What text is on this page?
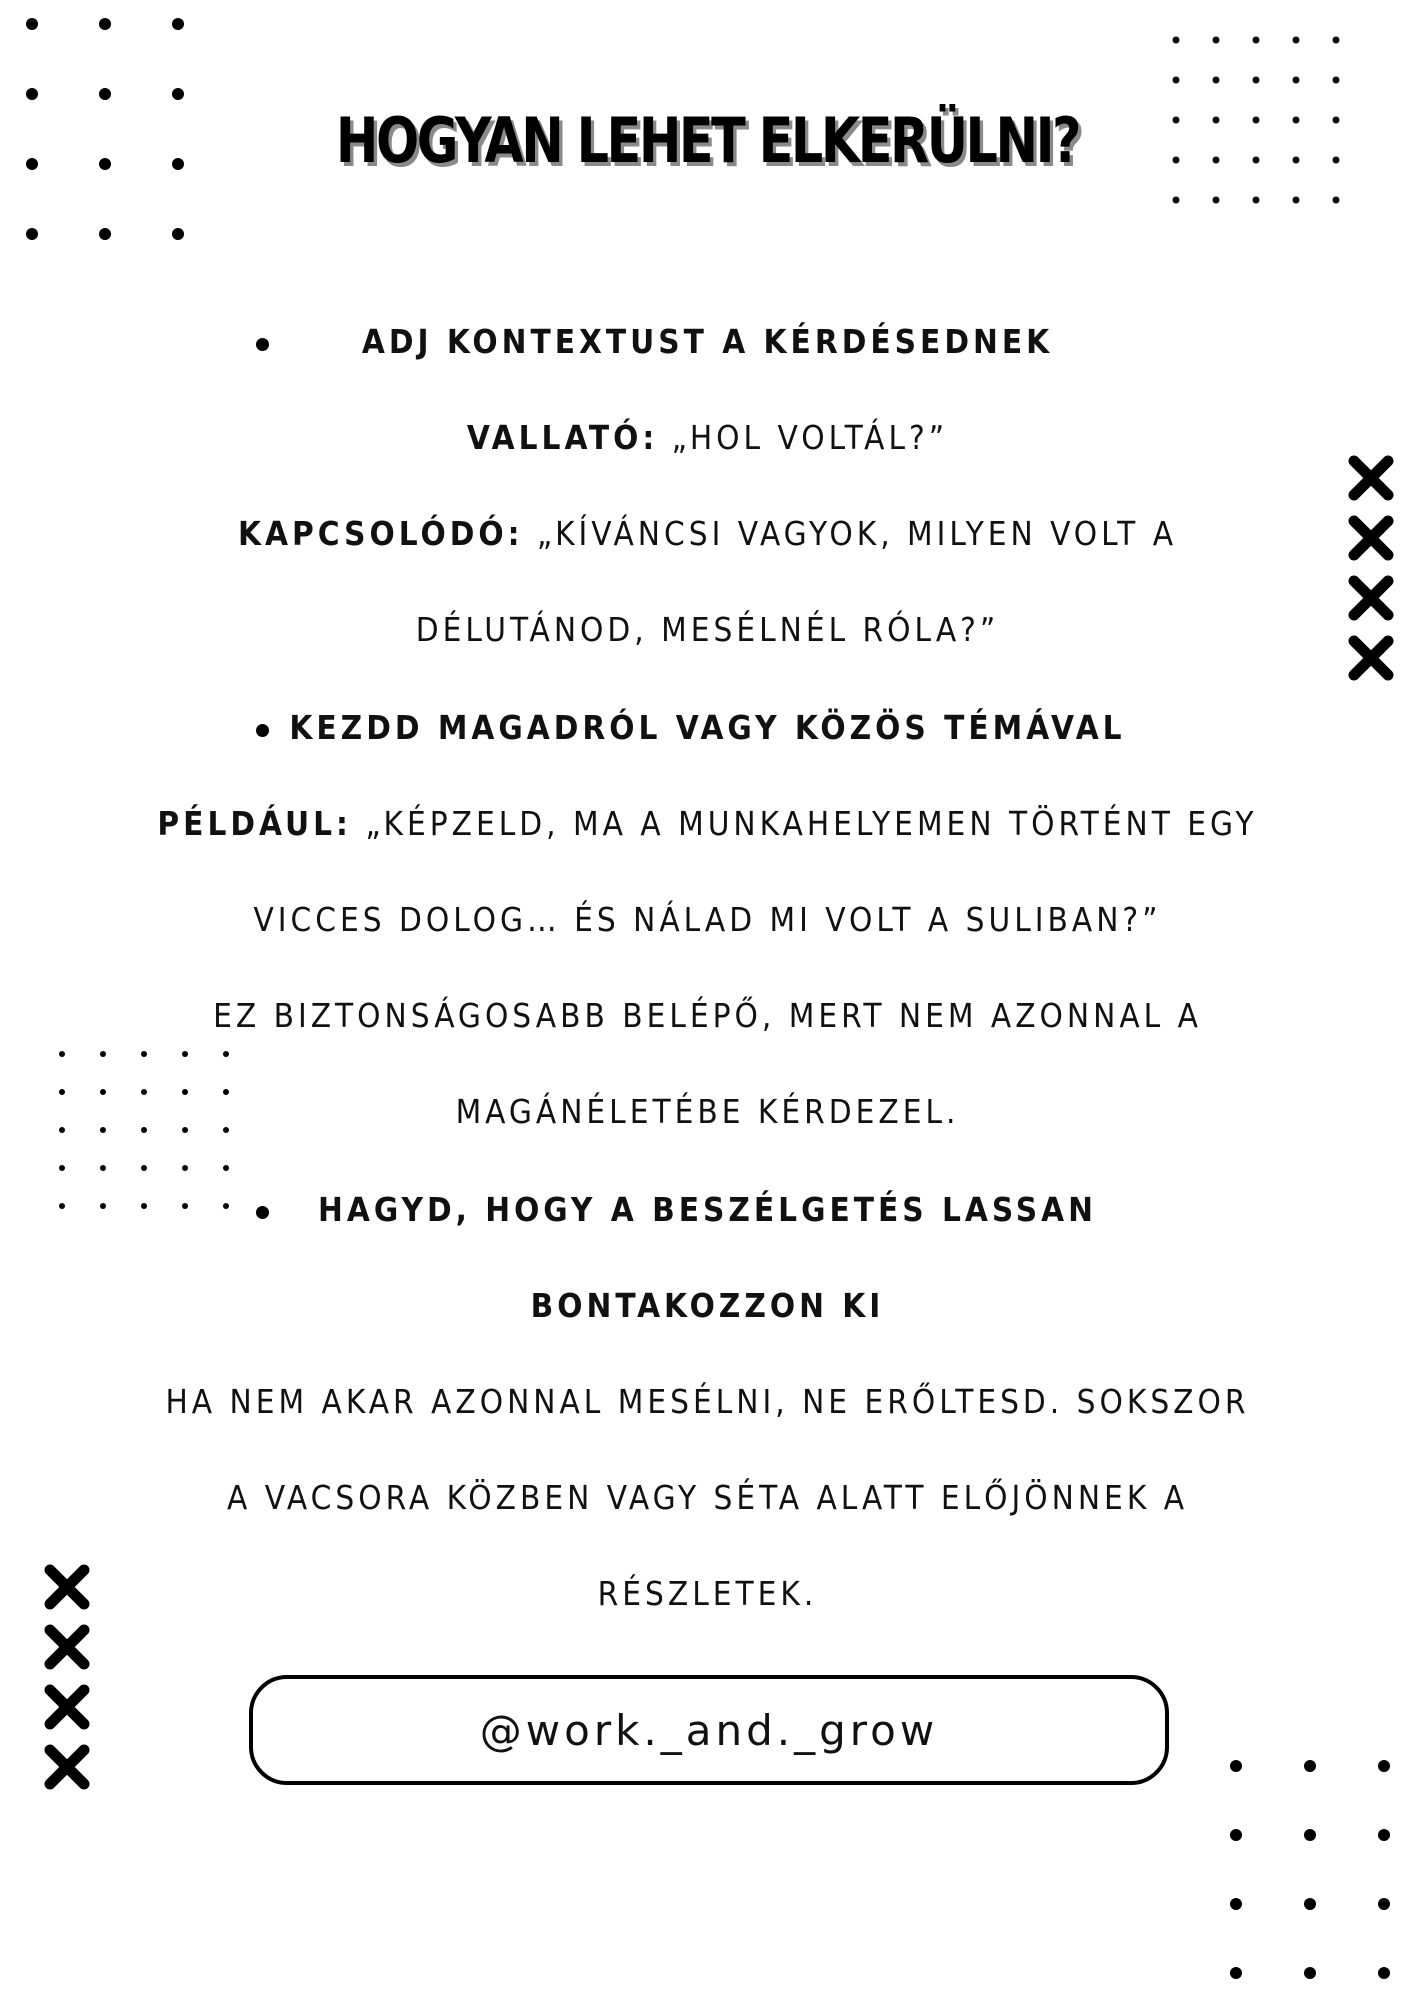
HOGYAN LEHET ELKERÜLNI?
ADJ KONTEXTUST A KÉRDÉSEDNEK
VALLATÓ: „HOL VOLTÁL?”
KAPCSOLÓDÓ: „KÍVÁNCSI VAGYOK, MILYEN VOLT A
DÉLUTÁNOD, MESÉLNÉL RÓLA?”
KEZDD MAGADRÓL VAGY KÖZÖS TÉMÁVAL
PÉLDÁUL: „KÉPZELD, MA A MUNKAHELYEMEN TÖRTÉNT EGY
VICCES DOLOG… ÉS NÁLAD MI VOLT A SULIBAN?”
EZ BIZTONSÁGOSABB BELÉPŐ, MERT NEM AZONNAL A
MAGÁNÉLETÉBE KÉRDEZEL.
HAGYD, HOGY A BESZÉLGETÉS LASSAN
BONTAKOZZON KI
HA NEM AKAR AZONNAL MESÉLNI, NE ERŐLTESD. SOKSZOR
A VACSORA KÖZBEN VAGY SÉTA ALATT ELŐJÖNNEK A
RÉSZLETEK.
@work._and._grow
